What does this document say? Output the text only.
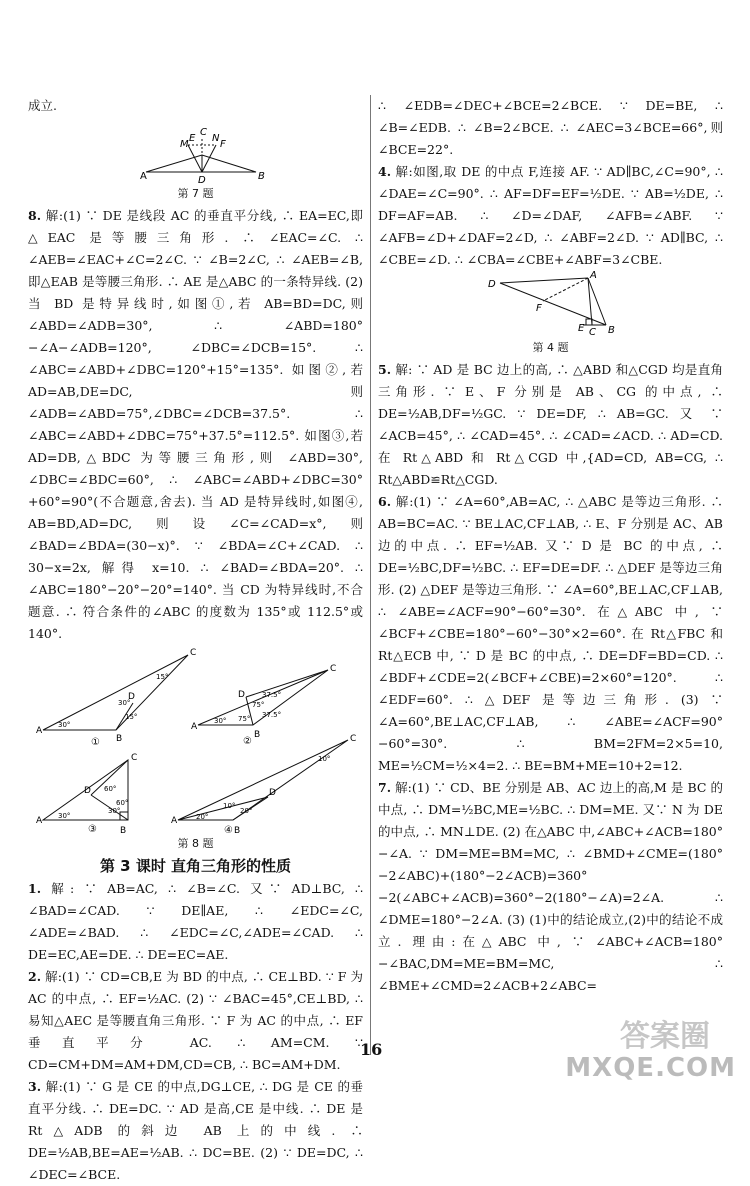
成立.

A
M
E
C
N
F
B
D
第 7 题

8. 解:(1) ∵ DE 是线段 AC 的垂直平分线, ∴ EA=EC,即△EAC 是等腰三角形. ∴ ∠EAC=∠C. ∴ ∠AEB=∠EAC+∠C=2∠C. ∵ ∠B=2∠C, ∴ ∠AEB=∠B,即△EAB 是等腰三角形. ∴ AE 是△ABC 的一条特异线. (2) 当 BD 是特异线时,如图①,若 AB=BD=DC,则 ∠ABD=∠ADB=30°, ∴ ∠ABD=180°−∠A−∠ADB=120°, ∠DBC=∠DCB=15°. ∴ ∠ABC=∠ABD+∠DBC=120°+15°=135°. 如图②,若 AD=AB,DE=DC,则∠ADB=∠ABD=75°,∠DBC=∠DCB=37.5°. ∴ ∠ABC=∠ABD+∠DBC=75°+37.5°=112.5°. 如图③,若 AD=DB,△BDC 为等腰三角形,则 ∠ABD=30°, ∠DBC=∠BDC=60°, ∴ ∠ABC=∠ABD+∠DBC=30°+60°=90°(不合题意,舍去). 当 AD 是特异线时,如图④, AB=BD,AD=DC,则设∠C=∠CAD=x°,则∠BAD=∠BDA=(30−x)°. ∵ ∠BDA=∠C+∠CAD. ∴ 30−x=2x, 解得 x=10. ∴ ∠BAD=∠BDA=20°. ∴ ∠ABC=180°−20°−20°=140°. 当 CD 为特异线时,不合题意. ∴ 符合条件的∠ABC 的度数为 135°或 112.5°或 140°.

A
B
C
D
15°
30°
15°
30°
①
A
B
C
D 37.5°
75°
37.5°
75°
30°
②
A
B
C
D 60°
30°
60°
30°	A
B
C
10°
D
10°
20°
20°
④
③
第 8 题
第 3 课时 直角三角形的性质

1. 解: ∵ AB=AC, ∴ ∠B=∠C. 又∵ AD⊥BC, ∴ ∠BAD=∠CAD. ∵ DE∥AE, ∴ ∠EDC=∠C, ∠ADE=∠BAD. ∴ ∠EDC=∠C,∠ADE=∠CAD. ∴ DE=EC,AE=DE. ∴ DE=EC=AE.

2. 解:(1) ∵ CD=CB,E 为 BD 的中点, ∴ CE⊥BD. ∵ F 为 AC 的中点, ∴ EF=½AC. (2) ∵ ∠BAC=45°,CE⊥BD, ∴ 易知△AEC 是等腰直角三角形. ∵ F 为 AC 的中点, ∴ EF 垂直平分 AC. ∴ AM=CM. ∵ CD=CM+DM=AM+DM,CD=CB, ∴ BC=AM+DM.

3. 解:(1) ∵ G 是 CE 的中点,DG⊥CE, ∴ DG 是 CE 的垂直平分线. ∴ DE=DC. ∵ AD 是高,CE 是中线. ∴ DE 是 Rt△ADB 的斜边 AB 上的中线. ∴ DE=½AB,BE=AE=½AB. ∴ DC=BE. (2) ∵ DE=DC, ∴ ∠DEC=∠BCE.

∴ ∠EDB=∠DEC+∠BCE=2∠BCE. ∵ DE=BE, ∴ ∠B=∠EDB. ∴ ∠B=2∠BCE. ∴ ∠AEC=3∠BCE=66°,则∠BCE=22°.

4. 解:如图,取 DE 的中点 F,连接 AF. ∵ AD∥BC,∠C=90°, ∴ ∠DAE=∠C=90°. ∴ AF=DF=EF=½DE. ∵ AB=½DE, ∴ DF=AF=AB. ∴ ∠D=∠DAF, ∠AFB=∠ABF. ∵ ∠AFB=∠D+∠DAF=2∠D, ∴ ∠ABF=2∠D. ∵ AD∥BC, ∴ ∠CBE=∠D. ∴ ∠CBA=∠CBE+∠ABF=3∠CBE.

D
A
F
E C B
第 4 题

5. 解: ∵ AD 是 BC 边上的高, ∴ △ABD 和△CGD 均是直角三角形. ∵ E、F 分别是 AB、CG 的中点, ∴ DE=½AB,DF=½GC. ∵ DE=DF, ∴ AB=GC. 又 ∵ ∠ACB=45°, ∴ ∠CAD=45°. ∴ ∠CAD=∠ACD. ∴ AD=CD. 在 Rt△ABD 和 Rt△CGD 中,{AD=CD, AB=CG, ∴ Rt△ABD≌Rt△CGD.

6. 解:(1) ∵ ∠A=60°,AB=AC, ∴ △ABC 是等边三角形. ∴ AB=BC=AC. ∵ BE⊥AC,CF⊥AB, ∴ E、F 分别是 AC、AB 边的中点. ∴ EF=½AB. 又∵ D 是 BC 的中点, ∴ DE=½BC,DF=½BC. ∴ EF=DE=DF. ∴ △DEF 是等边三角形. (2) △DEF 是等边三角形. ∵ ∠A=60°,BE⊥AC,CF⊥AB, ∴ ∠ABE=∠ACF=90°−60°=30°. 在△ABC 中, ∵ ∠BCF+∠CBE=180°−60°−30°×2=60°. 在 Rt△FBC 和 Rt△ECB 中, ∵ D 是 BC 的中点, ∴ DE=DF=BD=CD. ∴ ∠BDF+∠CDE=2(∠BCF+∠CBE)=2×60°=120°. ∴ ∠EDF=60°. ∴ △DEF 是等边三角形. (3) ∵ ∠A=60°,BE⊥AC,CF⊥AB, ∴ ∠ABE=∠ACF=90°−60°=30°. ∴ BM=2FM=2×5=10, ME=½CM=½×4=2. ∴ BE=BM+ME=10+2=12.

7. 解:(1) ∵ CD、BE 分别是 AB、AC 边上的高,M 是 BC 的中点, ∴ DM=½BC,ME=½BC. ∴ DM=ME. 又∵ N 为 DE 的中点, ∴ MN⊥DE. (2) 在△ABC 中,∠ABC+∠ACB=180°−∠A. ∵ DM=ME=BM=MC, ∴ ∠BMD+∠CME=(180°−2∠ABC)+(180°−2∠ACB)=360°−2(∠ABC+∠ACB)=360°−2(180°−∠A)=2∠A. ∴ ∠DME=180°−2∠A. (3) (1)中的结论成立,(2)中的结论不成立. 理由:在△ABC 中, ∵ ∠ABC+∠ACB=180°−∠BAC,DM=ME=BM=MC, ∴ ∠BME+∠CMD=2∠ACB+2∠ABC=

16	答案圈
MXQE.COM
